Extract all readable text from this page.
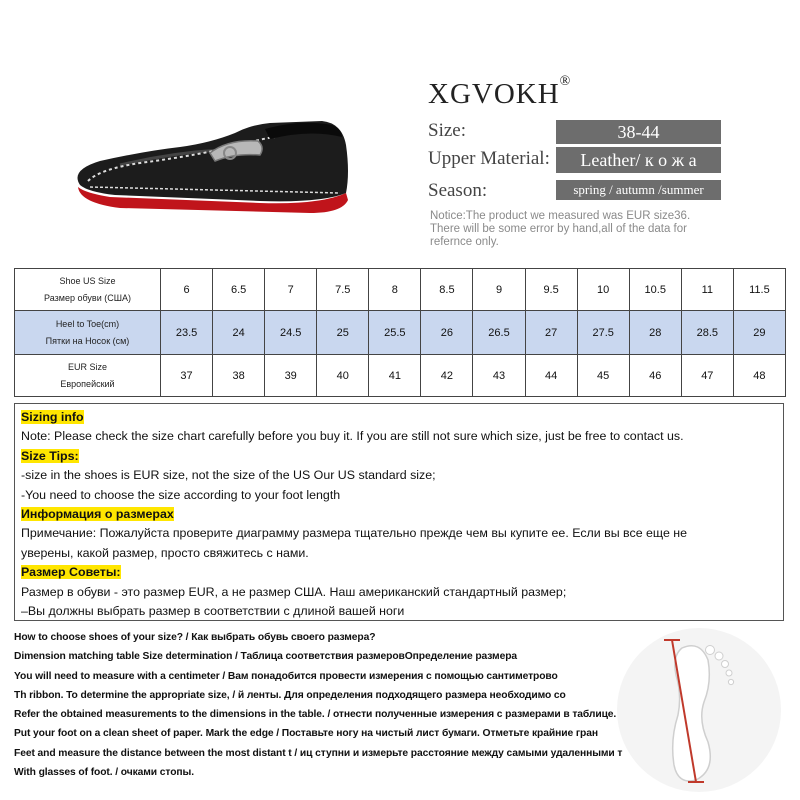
XGVOKH®
Size:	38-44
Upper Material:	Leather/ к о ж а
Season:	spring / autumn /summer
Notice:The product we measured was EUR size36.
There will be some error by hand,all of the data for
refernce only.
Shoe US Size
Размер обуви (США)	6	6.5	7	7.5	8	8.5	9	9.5	10	10.5	11	11.5

Heel to Toe(cm)
Пятки на Носок (см)	23.5	24	24.5	25	25.5	26	26.5	27	27.5	28	28.5	29

EUR Size
Европейский	37	38	39	40	41	42	43	44	45	46	47	48
Sizing info
Note: Please check the size chart carefully before you buy it. If you are still not sure which size, just be free to contact us.
Size Tips:
-size in the shoes is EUR size, not the size of the US Our US standard size;
-You need to choose the size according to your foot length
Информация о размерах
Примечание: Пожалуйста проверите диаграмму размера тщательно прежде чем вы купите ее. Если вы все еще не
уверены, какой размер, просто свяжитесь с нами.
Размер Советы:
Размер в обуви - это размер EUR, а не размер США. Наш американский стандартный размер;
–Вы должны выбрать размер в соответствии с длиной вашей ноги
How to choose shoes of your size? / Как выбрать обувь своего размера?
Dimension matching table Size determination / Таблица соответствия размеровОпределение размера
You will need to measure with a centimeter / Вам понадобится провести измерения с помощью сантиметрово
Th ribbon. To determine the appropriate size, / й ленты. Для определения подходящего размера необходимо со
Refer the obtained measurements to the dimensions in the table. / отнести полученные измерения с размерами в таблице.
Put your foot on a clean sheet of paper. Mark the edge / Поставьте ногу на чистый лист бумаги. Отметьте крайние гран
Feet and measure the distance between the most distant t / иц ступни и измерьте расстояние между самыми удаленными т
With glasses of foot. / очками стопы.
